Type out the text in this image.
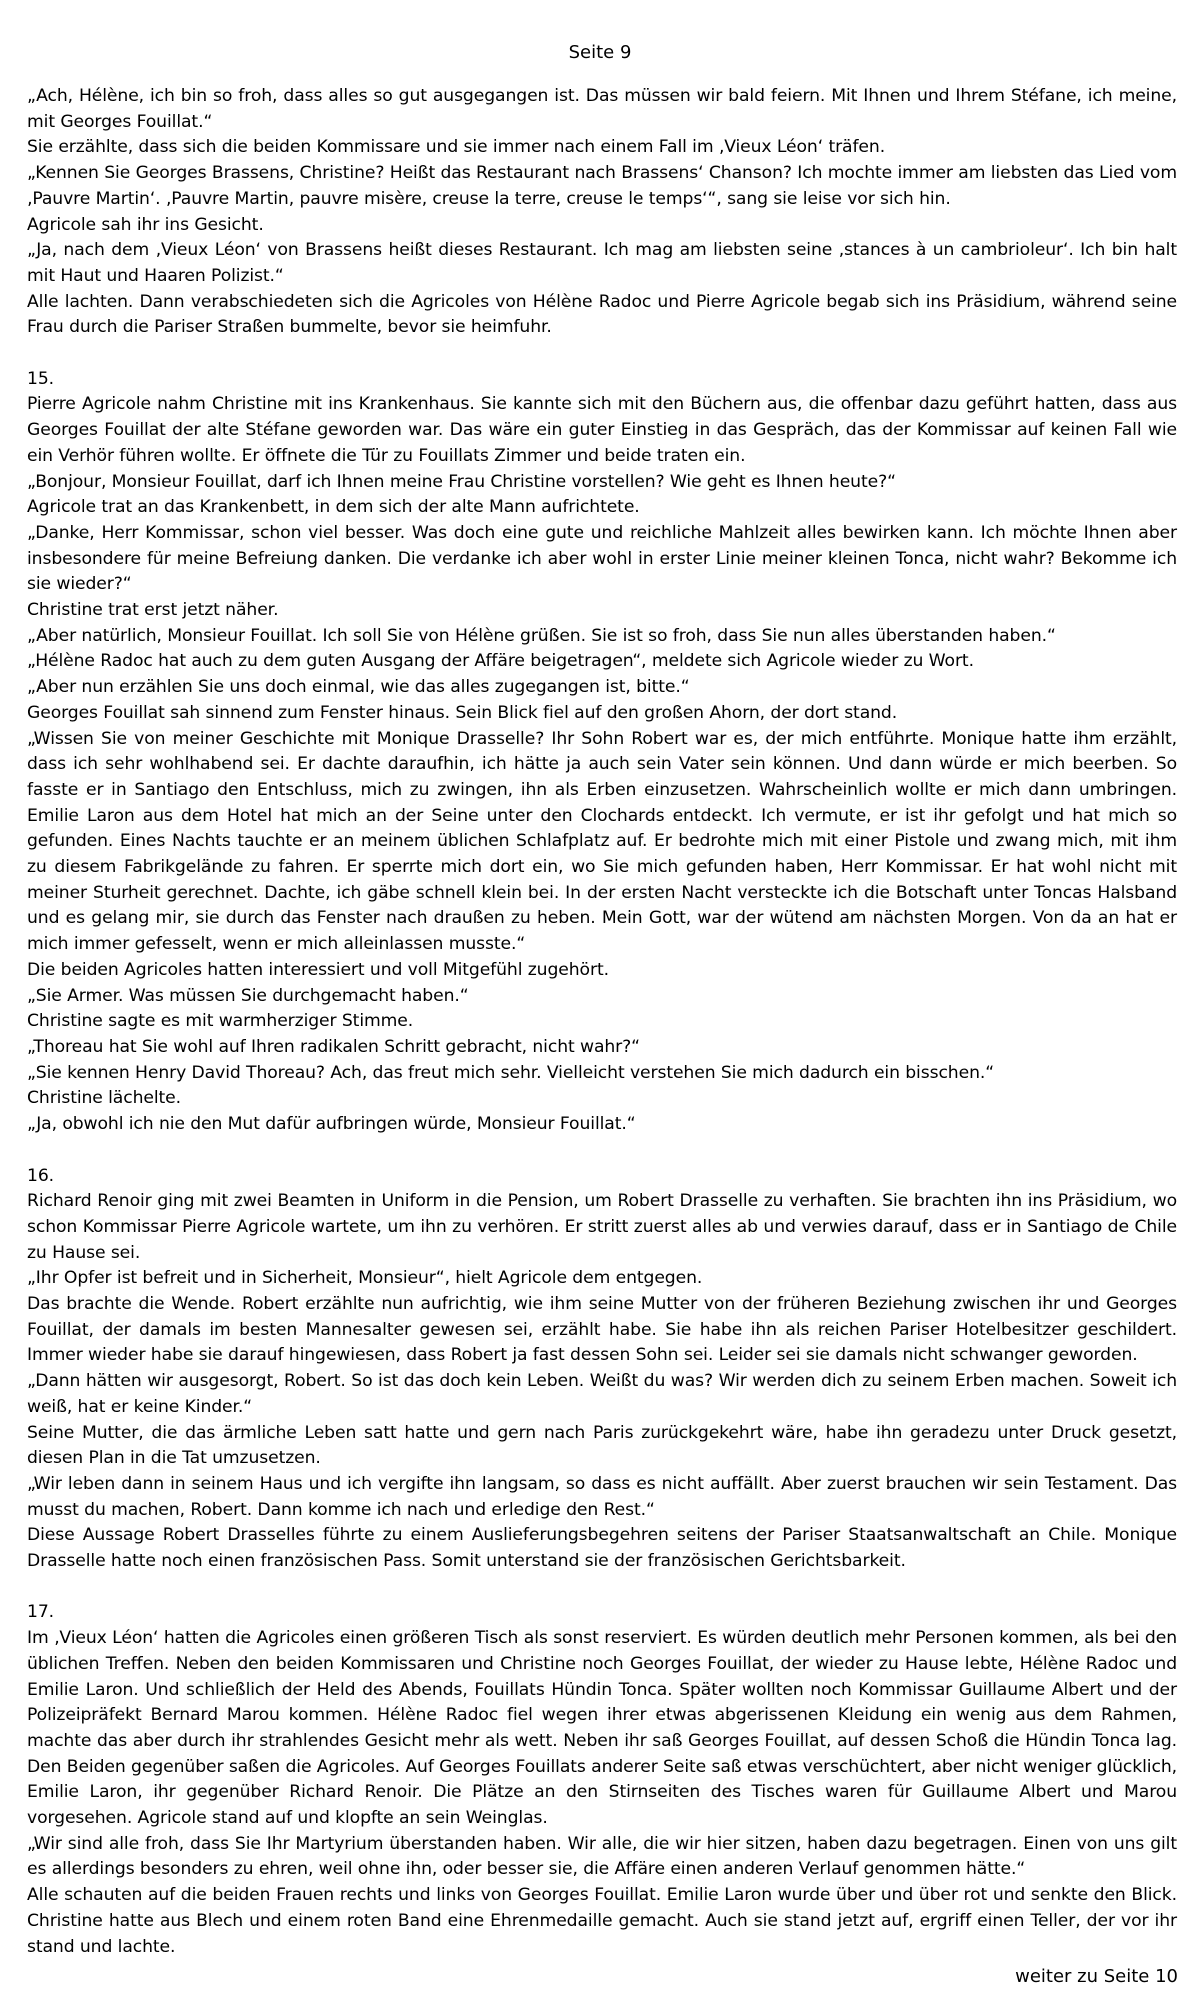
Seite 9

„Ach, Hélène, ich bin so froh, dass alles so gut ausgegangen ist. Das müssen wir bald feiern. Mit Ihnen und Ihrem Stéfane, ich meine, mit Georges Fouillat.“

Sie erzählte, dass sich die beiden Kommissare und sie immer nach einem Fall im ‚Vieux Léon‘ träfen.

„Kennen Sie Georges Brassens, Christine? Heißt das Restaurant nach Brassens‘ Chanson? Ich mochte immer am liebsten das Lied vom ‚Pauvre Martin‘. ‚Pauvre Martin, pauvre misère, creuse la terre, creuse le temps‘“, sang sie leise vor sich hin.

Agricole sah ihr ins Gesicht.

„Ja, nach dem ‚Vieux Léon‘ von Brassens heißt dieses Restaurant. Ich mag am liebsten seine ‚stances à un cambrioleur‘. Ich bin halt mit Haut und Haaren Polizist.“

Alle lachten. Dann verabschiedeten sich die Agricoles von Hélène Radoc und Pierre Agricole begab sich ins Präsidium, während seine Frau durch die Pariser Straßen bummelte, bevor sie heimfuhr.

15.

Pierre Agricole nahm Christine mit ins Krankenhaus. Sie kannte sich mit den Büchern aus, die offenbar dazu geführt hatten, dass aus Georges Fouillat der alte Stéfane geworden war. Das wäre ein guter Einstieg in das Gespräch, das der Kommissar auf keinen Fall wie ein Verhör führen wollte. Er öffnete die Tür zu Fouillats Zimmer und beide traten ein.

„Bonjour, Monsieur Fouillat, darf ich Ihnen meine Frau Christine vorstellen? Wie geht es Ihnen heute?“

Agricole trat an das Krankenbett, in dem sich der alte Mann aufrichtete.

„Danke, Herr Kommissar, schon viel besser. Was doch eine gute und reichliche Mahlzeit alles bewirken kann. Ich möchte Ihnen aber insbesondere für meine Befreiung danken. Die verdanke ich aber wohl in erster Linie meiner kleinen Tonca, nicht wahr? Bekomme ich sie wieder?“

Christine trat erst jetzt näher.

„Aber natürlich, Monsieur Fouillat. Ich soll Sie von Hélène grüßen. Sie ist so froh, dass Sie nun alles überstanden haben.“

„Hélène Radoc hat auch zu dem guten Ausgang der Affäre beigetragen“, meldete sich Agricole wieder zu Wort.

„Aber nun erzählen Sie uns doch einmal, wie das alles zugegangen ist, bitte.“

Georges Fouillat sah sinnend zum Fenster hinaus. Sein Blick fiel auf den großen Ahorn, der dort stand.

„Wissen Sie von meiner Geschichte mit Monique Drasselle? Ihr Sohn Robert war es, der mich entführte. Monique hatte ihm erzählt, dass ich sehr wohlhabend sei. Er dachte daraufhin, ich hätte ja auch sein Vater sein können. Und dann würde er mich beerben. So fasste er in Santiago den Entschluss, mich zu zwingen, ihn als Erben einzusetzen. Wahrscheinlich wollte er mich dann umbringen. Emilie Laron aus dem Hotel hat mich an der Seine unter den Clochards entdeckt. Ich vermute, er ist ihr gefolgt und hat mich so gefunden. Eines Nachts tauchte er an meinem üblichen Schlafplatz auf. Er bedrohte mich mit einer Pistole und zwang mich, mit ihm zu diesem Fabrikgelände zu fahren. Er sperrte mich dort ein, wo Sie mich gefunden haben, Herr Kommissar. Er hat wohl nicht mit meiner Sturheit gerechnet. Dachte, ich gäbe schnell klein bei. In der ersten Nacht versteckte ich die Botschaft unter Toncas Halsband und es gelang mir, sie durch das Fenster nach draußen zu heben. Mein Gott, war der wütend am nächsten Morgen. Von da an hat er mich immer gefesselt, wenn er mich alleinlassen musste.“

Die beiden Agricoles hatten interessiert und voll Mitgefühl zugehört.

„Sie Armer. Was müssen Sie durchgemacht haben.“

Christine sagte es mit warmherziger Stimme.

„Thoreau hat Sie wohl auf Ihren radikalen Schritt gebracht, nicht wahr?“

„Sie kennen Henry David Thoreau? Ach, das freut mich sehr. Vielleicht verstehen Sie mich dadurch ein bisschen.“

Christine lächelte.

„Ja, obwohl ich nie den Mut dafür aufbringen würde, Monsieur Fouillat.“

16.

Richard Renoir ging mit zwei Beamten in Uniform in die Pension, um Robert Drasselle zu verhaften. Sie brachten ihn ins Präsidium, wo schon Kommissar Pierre Agricole wartete, um ihn zu verhören. Er stritt zuerst alles ab und verwies darauf, dass er in Santiago de Chile zu Hause sei.

„Ihr Opfer ist befreit und in Sicherheit, Monsieur“, hielt Agricole dem entgegen.

Das brachte die Wende. Robert erzählte nun aufrichtig, wie ihm seine Mutter von der früheren Beziehung zwischen ihr und Georges Fouillat, der damals im besten Mannesalter gewesen sei, erzählt habe. Sie habe ihn als reichen Pariser Hotelbesitzer geschildert. Immer wieder habe sie darauf hingewiesen, dass Robert ja fast dessen Sohn sei. Leider sei sie damals nicht schwanger geworden.

„Dann hätten wir ausgesorgt, Robert. So ist das doch kein Leben. Weißt du was? Wir werden dich zu seinem Erben machen. Soweit ich weiß, hat er keine Kinder.“

Seine Mutter, die das ärmliche Leben satt hatte und gern nach Paris zurückgekehrt wäre, habe ihn geradezu unter Druck gesetzt, diesen Plan in die Tat umzusetzen.

„Wir leben dann in seinem Haus und ich vergifte ihn langsam, so dass es nicht auffällt. Aber zuerst brauchen wir sein Testament. Das musst du machen, Robert. Dann komme ich nach und erledige den Rest.“

Diese Aussage Robert Drasselles führte zu einem Auslieferungsbegehren seitens der Pariser Staatsanwaltschaft an Chile. Monique Drasselle hatte noch einen französischen Pass. Somit unterstand sie der französischen Gerichtsbarkeit.

17.

Im ‚Vieux Léon‘ hatten die Agricoles einen größeren Tisch als sonst reserviert. Es würden deutlich mehr Personen kommen, als bei den üblichen Treffen. Neben den beiden Kommissaren und Christine noch Georges Fouillat, der wieder zu Hause lebte, Hélène Radoc und Emilie Laron. Und schließlich der Held des Abends, Fouillats Hündin Tonca. Später wollten noch Kommissar Guillaume Albert und der Polizeipräfekt Bernard Marou kommen. Hélène Radoc fiel wegen ihrer etwas abgerissenen Kleidung ein wenig aus dem Rahmen, machte das aber durch ihr strahlendes Gesicht mehr als wett. Neben ihr saß Georges Fouillat, auf dessen Schoß die Hündin Tonca lag. Den Beiden gegenüber saßen die Agricoles. Auf Georges Fouillats anderer Seite saß etwas verschüchtert, aber nicht weniger glücklich, Emilie Laron, ihr gegenüber Richard Renoir. Die Plätze an den Stirnseiten des Tisches waren für Guillaume Albert und Marou vorgesehen. Agricole stand auf und klopfte an sein Weinglas.

„Wir sind alle froh, dass Sie Ihr Martyrium überstanden haben. Wir alle, die wir hier sitzen, haben dazu begetragen. Einen von uns gilt es allerdings besonders zu ehren, weil ohne ihn, oder besser sie, die Affäre einen anderen Verlauf genommen hätte.“

Alle schauten auf die beiden Frauen rechts und links von Georges Fouillat. Emilie Laron wurde über und über rot und senkte den Blick. Christine hatte aus Blech und einem roten Band eine Ehrenmedaille gemacht. Auch sie stand jetzt auf, ergriff einen Teller, der vor ihr stand und lachte.

weiter zu Seite 10
